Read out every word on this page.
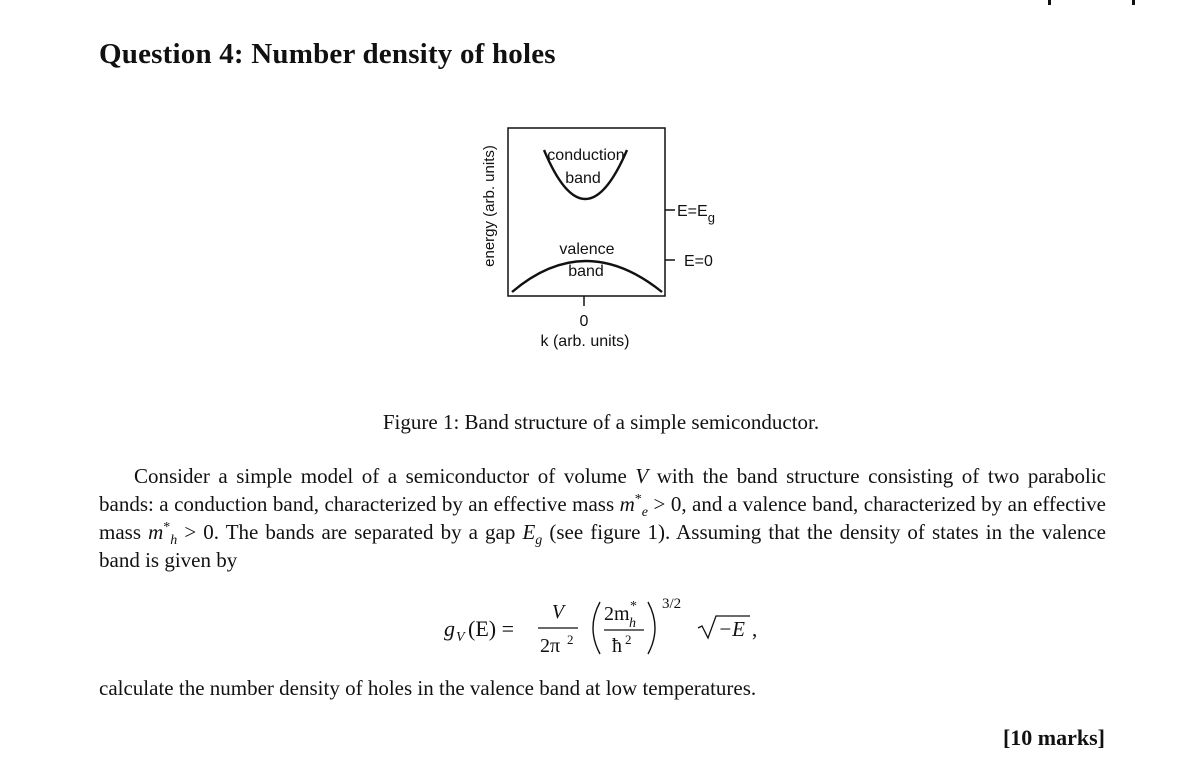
Question 4: Number density of holes
energy (arb. units)	conduction
band
valence
band
$E=E_g$
E=0
0
k (arb. units)
Figure 1: Band structure of a simple semiconductor.

Consider a simple model of a semiconductor of volume V with the band structure consisting of two parabolic bands: a conduction band, characterized by an effective mass $m^*_e > 0$, and a valence band, characterized by an effective mass $m^*_h > 0$. The bands are separated by a gap $E_g$ (see figure 1). Assuming that the density of states in the valence band is given by

g V (E) =
V
2π 2
2m *
h
ħ 2
3/2
−E ,

calculate the number density of holes in the valence band at low temperatures.

[10 marks]
